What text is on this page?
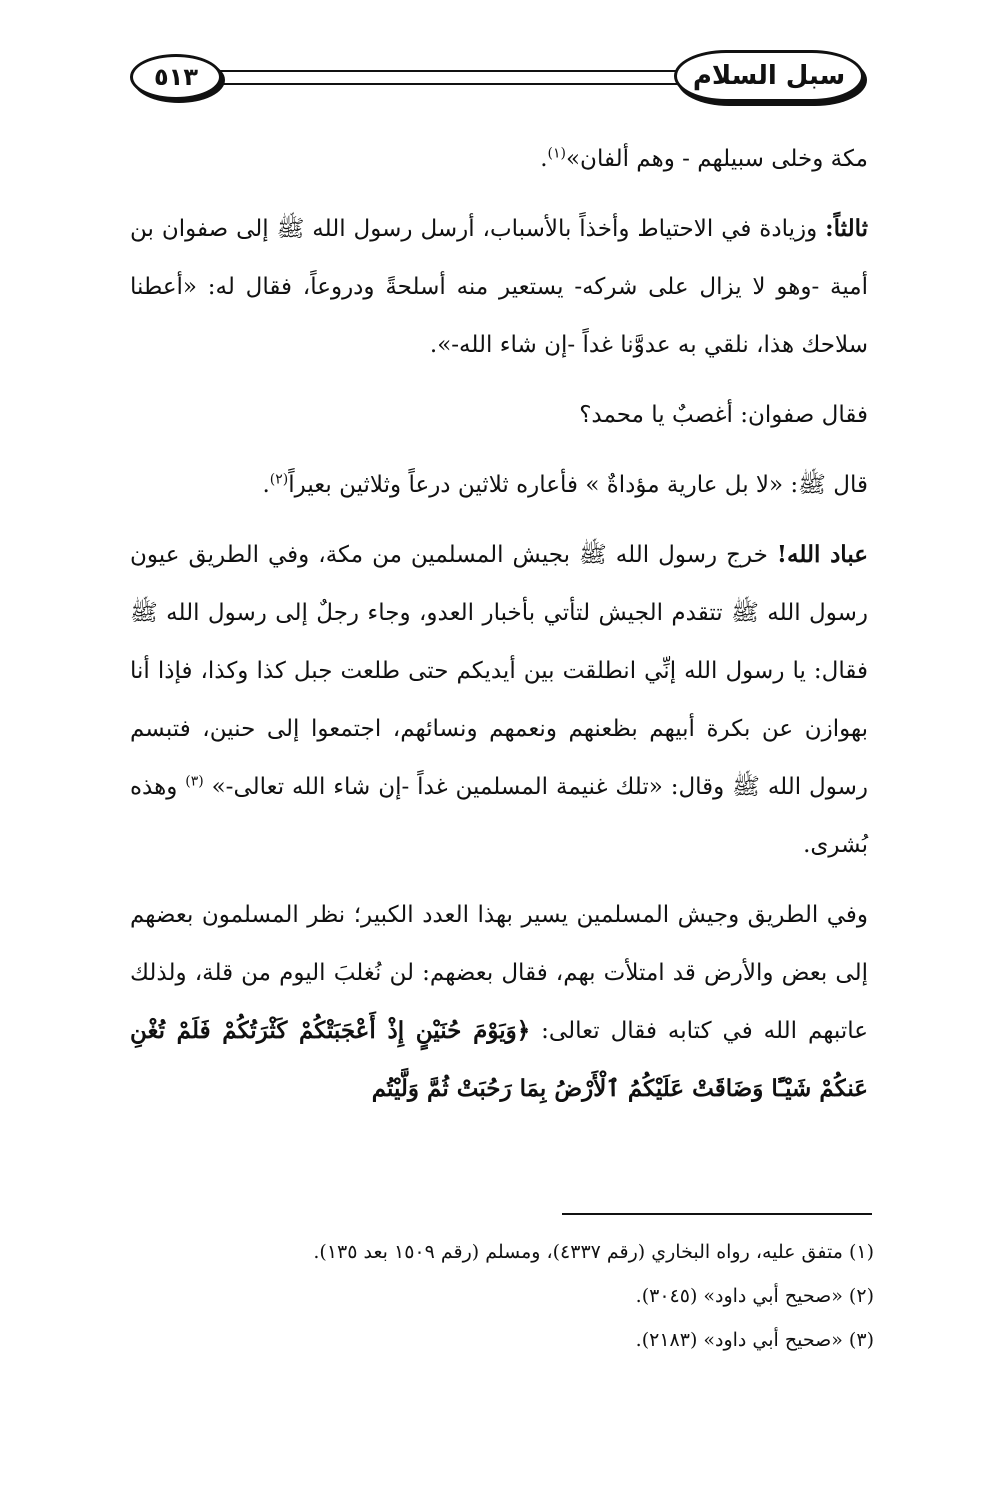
سبل السلام
٥١٣

مكة وخلى سبيلهم - وهم ألفان»$^{(١)}$.

ثالثاً: وزيادة في الاحتياط وأخذاً بالأسباب، أرسل رسول الله ﷺ إلى صفوان بن أمية -وهو لا يزال على شركه- يستعير منه أسلحةً ودروعاً، فقال له: «أعطنا سلاحك هذا، نلقي به عدوَّنا غداً -إن شاء الله-».

فقال صفوان: أغصبٌ يا محمد؟

قال ﷺ: «لا بل عارية مؤداةٌ » فأعاره ثلاثين درعاً وثلاثين بعيراً$^{(٢)}$.

عباد الله! خرج رسول الله ﷺ بجيش المسلمين من مكة، وفي الطريق عيون رسول الله ﷺ تتقدم الجيش لتأتي بأخبار العدو، وجاء رجلٌ إلى رسول الله ﷺ فقال: يا رسول الله إنِّي انطلقت بين أيديكم حتى طلعت جبل كذا وكذا، فإذا أنا بهوازن عن بكرة أبيهم بظعنهم ونعمهم ونسائهم، اجتمعوا إلى حنين، فتبسم رسول الله ﷺ وقال: «تلك غنيمة المسلمين غداً -إن شاء الله تعالى-» $^{(٣)}$ وهذه بُشرى.

وفي الطريق وجيش المسلمين يسير بهذا العدد الكبير؛ نظر المسلمون بعضهم إلى بعض والأرض قد امتلأت بهم، فقال بعضهم: لن نُغلبَ اليوم من قلة، ولذلك عاتبهم الله في كتابه فقال تعالى: ﴿وَيَوْمَ حُنَيْنٍ إِذْ أَعْجَبَتْكُمْ كَثْرَتُكُمْ فَلَمْ تُغْنِ عَنكُمْ شَيْـًٔا وَضَاقَتْ عَلَيْكُمُ ٱلْأَرْضُ بِمَا رَحُبَتْ ثُمَّ وَلَّيْتُم

(١) متفق عليه، رواه البخاري (رقم ٤٣٣٧)، ومسلم (رقم ١٥٠٩ بعد ١٣٥).

(٢) «صحيح أبي داود» (٣٠٤٥).

(٣) «صحيح أبي داود» (٢١٨٣).
